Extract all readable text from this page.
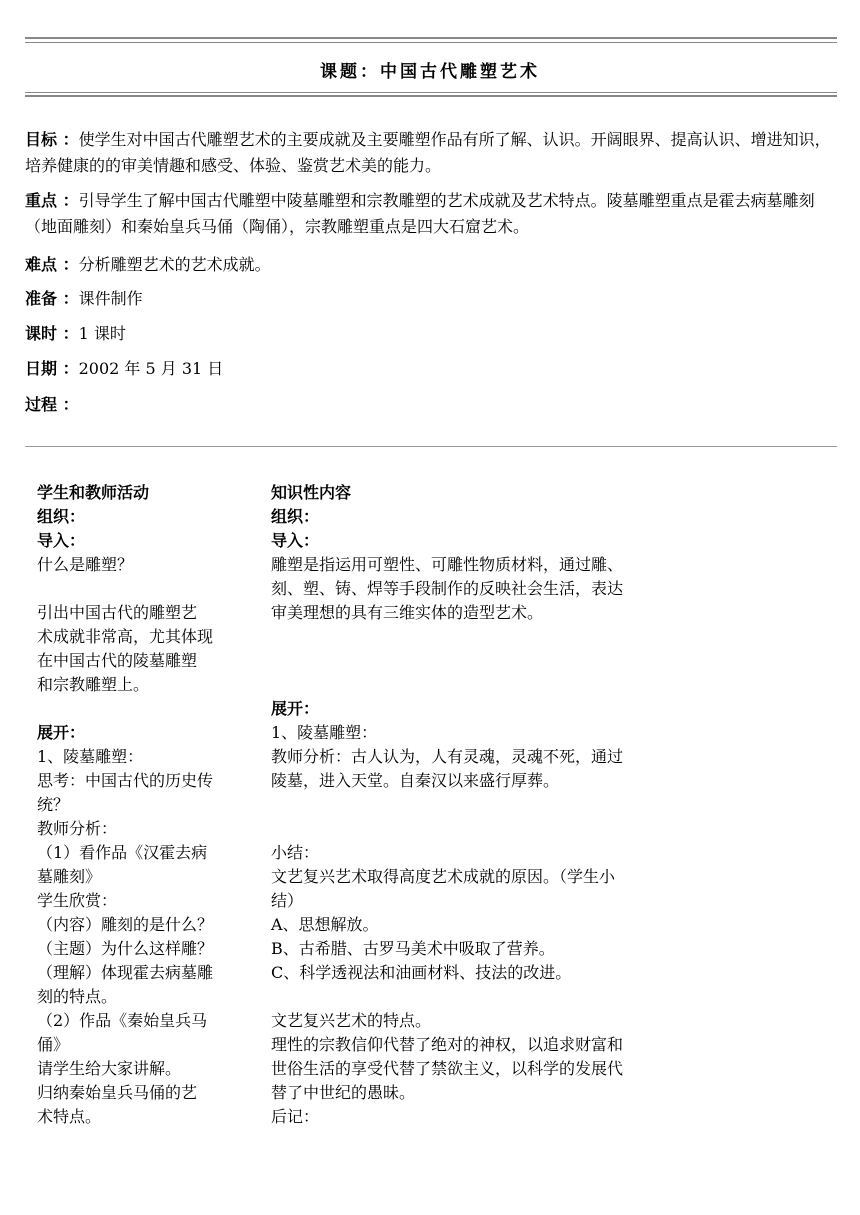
课题：中国古代雕塑艺术
目标 ：使学生对中国古代雕塑艺术的主要成就及主要雕塑作品有所了解、认识。开阔眼界、提高认识、增进知识，培养健康的的审美情趣和感受、体验、鉴赏艺术美的能力。
重点 ：引导学生了解中国古代雕塑中陵墓雕塑和宗教雕塑的艺术成就及艺术特点。陵墓雕塑重点是霍去病墓雕刻（地面雕刻）和秦始皇兵马俑（陶俑），宗教雕塑重点是四大石窟艺术。
难点 ：分析雕塑艺术的艺术成就。
准备 ：课件制作
课时 ：1 课时
日期 ：2002 年 5 月 31 日
过程 ：
学生和教师活动
组织：
导入：
什么是雕塑？
引出中国古代的雕塑艺
术成就非常高，尤其体现
在中国古代的陵墓雕塑
和宗教雕塑上。
展开：
1、陵墓雕塑：
思考：中国古代的历史传
统？
教师分析：
（1）看作品《汉霍去病
墓雕刻》
学生欣赏：
（内容）雕刻的是什么？
（主题）为什么这样雕？
（理解）体现霍去病墓雕
刻的特点。
（2）作品《秦始皇兵马
俑》
请学生给大家讲解。
归纳秦始皇兵马俑的艺
术特点。
知识性内容
组织：
导入：
雕塑是指运用可塑性、可雕性物质材料，通过雕、
刻、塑、铸、焊等手段制作的反映社会生活，表达
审美理想的具有三维实体的造型艺术。
展开：
1、陵墓雕塑：
教师分析：古人认为，人有灵魂，灵魂不死，通过
陵墓，进入天堂。自秦汉以来盛行厚葬。
小结：
文艺复兴艺术取得高度艺术成就的原因。（学生小
结）
A、思想解放。
B、古希腊、古罗马美术中吸取了营养。
C、科学透视法和油画材料、技法的改进。
文艺复兴艺术的特点。
理性的宗教信仰代替了绝对的神权，以追求财富和
世俗生活的享受代替了禁欲主义，以科学的发展代
替了中世纪的愚昧。
后记：
